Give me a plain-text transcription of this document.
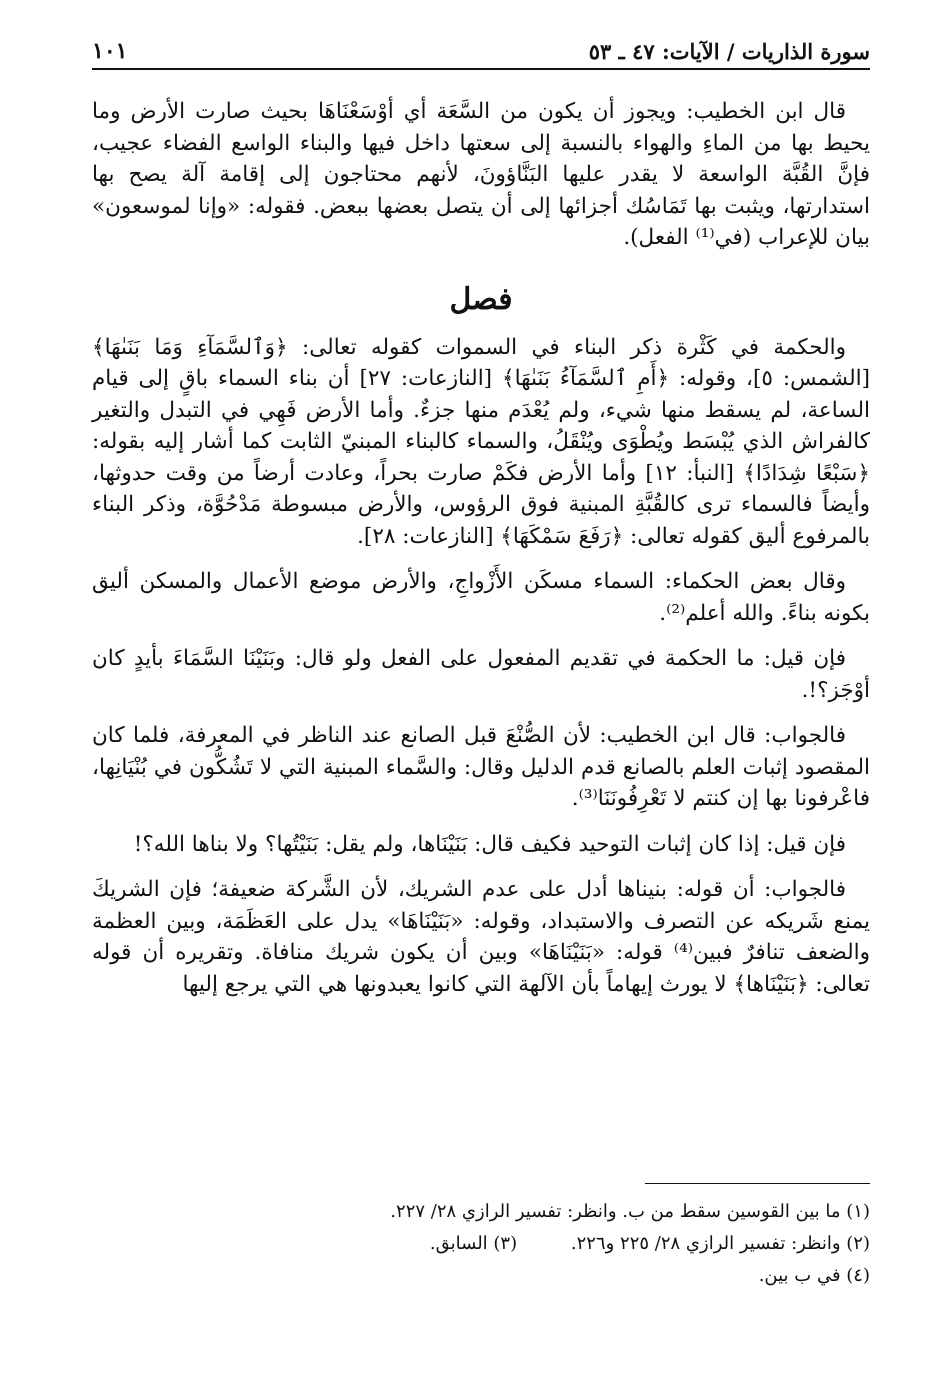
سورة الذاريات / الآيات: ٤٧ ـ ٥٣
١٠١

قال ابن الخطيب: ويجوز أن يكون من السَّعَة أي أوْسَعْنَاهَا بحيث صارت الأرض وما يحيط بها من الماءِ والهواء بالنسبة إلى سعتها داخل فيها والبناء الواسع الفضاء عجيب، فإنَّ القُبَّة الواسعة لا يقدر عليها البَنَّاؤونَ، لأنهم محتاجون إلى إقامة آلة يصح بها استدارتها، ويثبت بها تَمَاسُك أجزائها إلى أن يتصل بعضها ببعض. فقوله: «وإنا لموسعون» بيان للإعراب (في⁽¹⁾ الفعل).

فصل

والحكمة في كَثْرة ذكر البناء في السموات كقوله تعالى: ﴿وَٱلسَّمَآءِ وَمَا بَنَىٰهَا﴾ [الشمس: ٥]، وقوله: ﴿أَمِ ٱلسَّمَآءُ بَنَىٰهَا﴾ [النازعات: ٢٧] أن بناء السماء باقٍ إلى قيام الساعة، لم يسقط منها شيء، ولم يُعْدَم منها جزءٌ. وأما الأرض فَهِي في التبدل والتغير كالفراش الذي يُبْسَط ويُطْوَى ويُنْقَلُ، والسماء كالبناء المبنيّ الثابت كما أشار إليه بقوله: ﴿سَبْعًا شِدَادًا﴾ [النبأ: ١٢] وأما الأرض فكَمْ صارت بحراً، وعادت أرضاً من وقت حدوثها، وأيضاً فالسماء ترى كالقُبَّةِ المبنية فوق الرؤوس، والأرض مبسوطة مَدْحُوَّة، وذكر البناء بالمرفوع أليق كقوله تعالى: ﴿رَفَعَ سَمْكَهَا﴾ [النازعات: ٢٨].

وقال بعض الحكماء: السماء مسكَن الأَزْواجِ، والأرض موضع الأعمال والمسكن أليق بكونه بناءً. والله أعلم⁽²⁾.

فإن قيل: ما الحكمة في تقديم المفعول على الفعل ولو قال: وبَنَيْنَا السَّمَاءَ بأيدٍ كان أوْجَز؟!.

فالجواب: قال ابن الخطيب: لأن الصُّنْعَ قبل الصانع عند الناظر في المعرفة، فلما كان المقصود إثبات العلم بالصانع قدم الدليل وقال: والسَّماء المبنية التي لا تَشُكُّون في بُنْيَانِها، فاعْرفونا بها إن كنتم لا تَعْرِفُونَنَا⁽³⁾.

فإن قيل: إذا كان إثبات التوحيد فكيف قال: بَنَيْنَاها، ولم يقل: بَنَيْتُها؟ ولا بناها الله؟!

فالجواب: أن قوله: بنيناها أدل على عدم الشريك، لأن الشَّركة ضعيفة؛ فإن الشريكَ يمنع شَريكه عن التصرف والاستبداد، وقوله: «بَنَيْنَاهَا» يدل على العَظَمَة، وبين العظمة والضعف تنافرٌ فبين⁽⁴⁾ قوله: «بَنَيْنَاهَا» وبين أن يكون شريك منافاة. وتقريره أن قوله تعالى: ﴿بَنَيْنَاها﴾ لا يورث إيهاماً بأن الآلهة التي كانوا يعبدونها هي التي يرجع إليها

(١) ما بين القوسين سقط من ب. وانظر: تفسير الرازي ٢٨/ ٢٢٧.
(٢) وانظر: تفسير الرازي ٢٨/ ٢٢٥ و٢٢٦. (٣) السابق.
(٤) في ب بين.
